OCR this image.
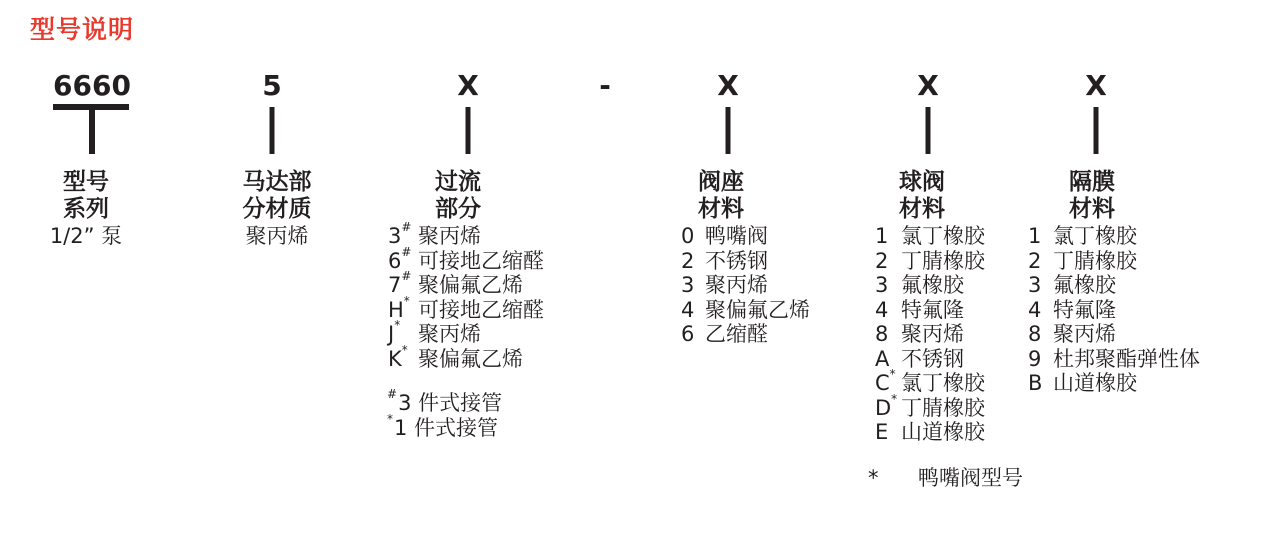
型号说明
6660	5	X	-	X	X	X
型号
系列
1/2” 泵
马达部
分材质
聚丙烯
过流
部分
阀座
材料
球阀
材料
隔膜
材料
3# 聚丙烯
6# 可接地乙缩醛
7# 聚偏氟乙烯
H* 可接地乙缩醛
J* 聚丙烯
K* 聚偏氟乙烯
0 鸭嘴阀
2 不锈钢
3 聚丙烯
4 聚偏氟乙烯
6 乙缩醛
1 氯丁橡胶
2 丁腈橡胶
3 氟橡胶
4 特氟隆
8 聚丙烯
A 不锈钢
C* 氯丁橡胶
D* 丁腈橡胶
E 山道橡胶
1 氯丁橡胶
2 丁腈橡胶
3 氟橡胶
4 特氟隆
8 聚丙烯
9 杜邦聚酯弹性体
B 山道橡胶
#3 件式接管
*1 件式接管
* 鸭嘴阀型号
